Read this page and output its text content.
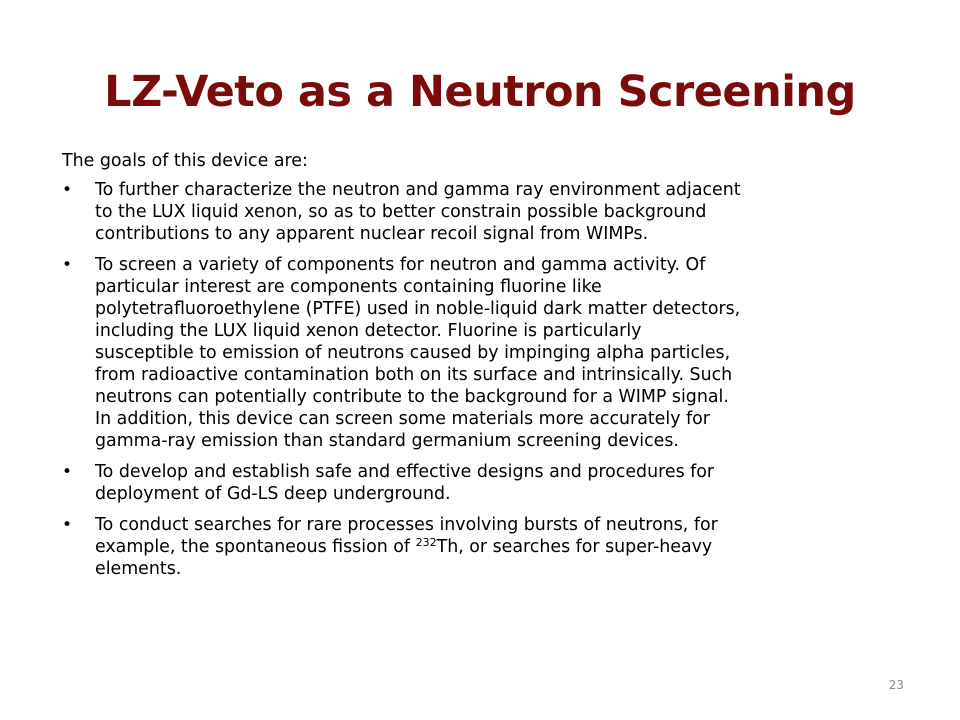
LZ-Veto as a Neutron Screening

The goals of this device are:

•	To further characterize the neutron and gamma ray environment adjacent
to the LUX liquid xenon, so as to better constrain possible background
contributions to any apparent nuclear recoil signal from WIMPs.
•	To screen a variety of components for neutron and gamma activity. Of
particular interest are components containing fluorine like
polytetrafluoroethylene (PTFE) used in noble-liquid dark matter detectors,
including the LUX liquid xenon detector. Fluorine is particularly
susceptible to emission of neutrons caused by impinging alpha particles,
from radioactive contamination both on its surface and intrinsically. Such
neutrons can potentially contribute to the background for a WIMP signal.
In addition, this device can screen some materials more accurately for
gamma-ray emission than standard germanium screening devices.
•	To develop and establish safe and effective designs and procedures for
deployment of Gd-LS deep underground.
•	To conduct searches for rare processes involving bursts of neutrons, for
example, the spontaneous fission of $^{232}$Th, or searches for super-heavy
elements.
23
